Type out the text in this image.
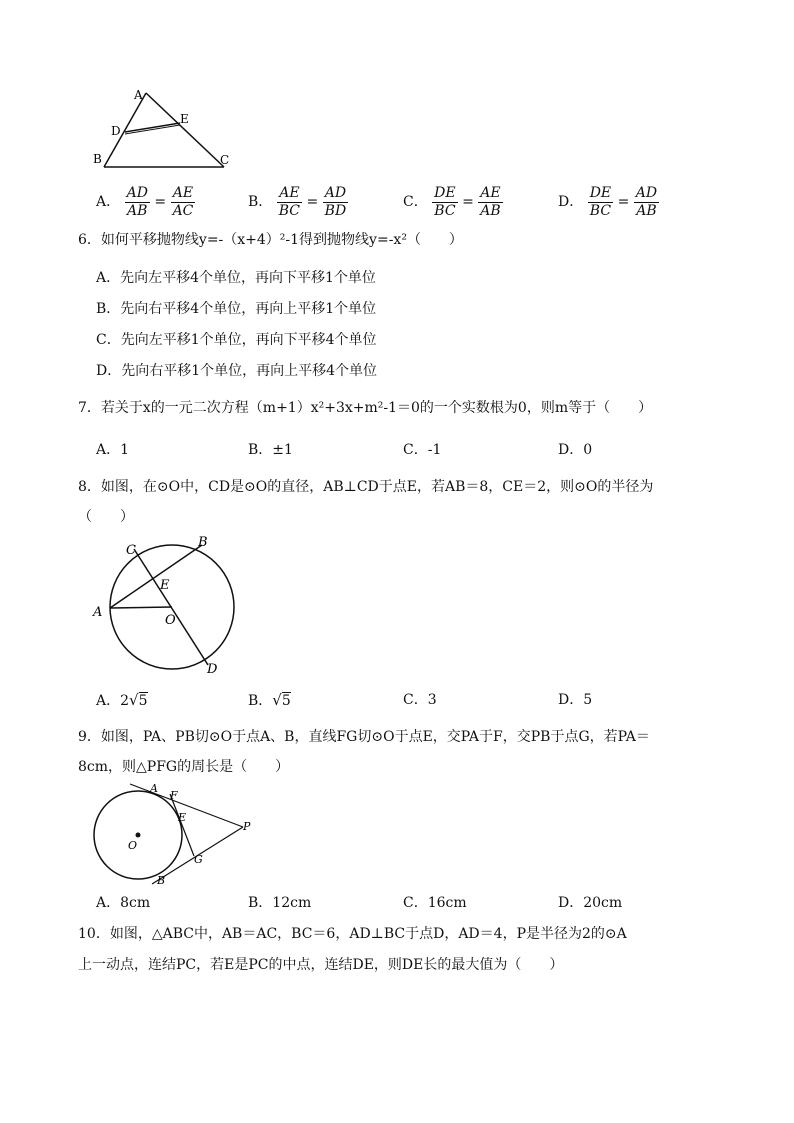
A
D
E
B	C
A． $\frac{AD}{AB} = \frac{AE}{AC}$	B． $\frac{AE}{BC} = \frac{AD}{BD}$	C． $\frac{DE}{BC} = \frac{AE}{AB}$	D． $\frac{DE}{BC} = \frac{AD}{AB}$
6．如何平移抛物线y=-（x+4）²-1得到抛物线y=-x²（　　）
A．先向左平移4个单位，再向下平移1个单位
B．先向右平移4个单位，再向上平移1个单位
C．先向左平移1个单位，再向下平移4个单位
D．先向右平移1个单位，再向上平移4个单位
7．若关于x的一元二次方程（m+1）x²+3x+m²-1＝0的一个实数根为0，则m等于（　　）
A．1	B．±1	C．-1	D．0
8．如图，在⊙O中，CD是⊙O的直径，AB⊥CD于点E，若AB＝8，CE＝2，则⊙O的半径为
（　　）
C
B
E
A
O
D
A．2√5	B．√5	C．3	D．5
9．如图，PA、PB切⊙O于点A、B，直线FG切⊙O于点E，交PA于F，交PB于点G，若PA＝
8cm，则△PFG的周长是（　　）
A
F
E
P
O
G
B
A．8cm	B．12cm	C．16cm	D．20cm
10．如图，△ABC中，AB＝AC，BC＝6，AD⊥BC于点D，AD＝4，P是半径为2的⊙A
上一动点，连结PC，若E是PC的中点，连结DE，则DE长的最大值为（　　）
